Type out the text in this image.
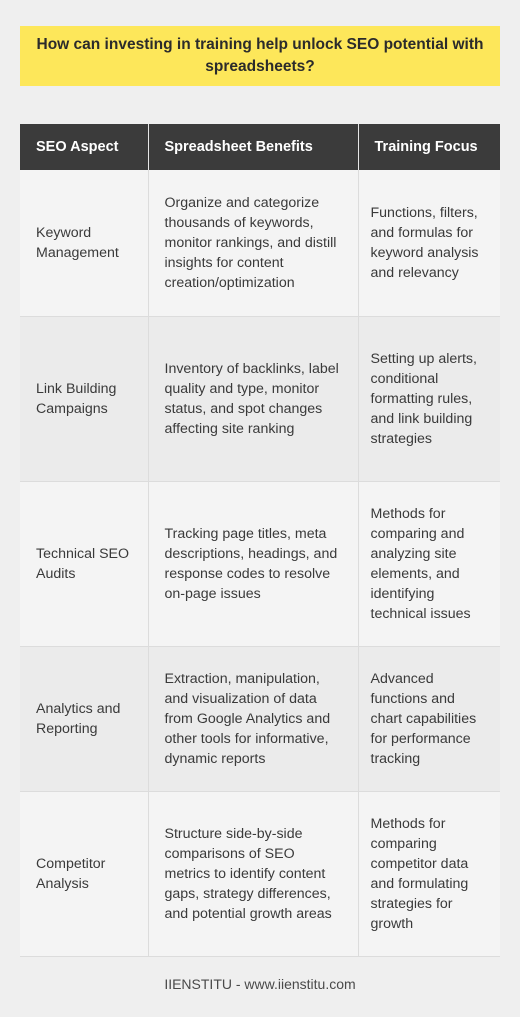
How can investing in training help unlock SEO potential with spreadsheets?
SEO Aspect	Spreadsheet Benefits	Training Focus
Keyword Management	Organize and categorize thousands of keywords, monitor rankings, and distill insights for content creation/optimization	Functions, filters, and formulas for keyword analysis and relevancy
Link Building Campaigns	Inventory of backlinks, label quality and type, monitor status, and spot changes affecting site ranking	Setting up alerts, conditional formatting rules, and link building strategies
Technical SEO Audits	Tracking page titles, meta descriptions, headings, and response codes to resolve on-page issues	Methods for comparing and analyzing site elements, and identifying technical issues
Analytics and Reporting	Extraction, manipulation, and visualization of data from Google Analytics and other tools for informative, dynamic reports	Advanced functions and chart capabilities for performance tracking
Competitor Analysis	Structure side-by-side comparisons of SEO metrics to identify content gaps, strategy differences, and potential growth areas	Methods for comparing competitor data and formulating strategies for growth
IIENSTITU - www.iienstitu.com
